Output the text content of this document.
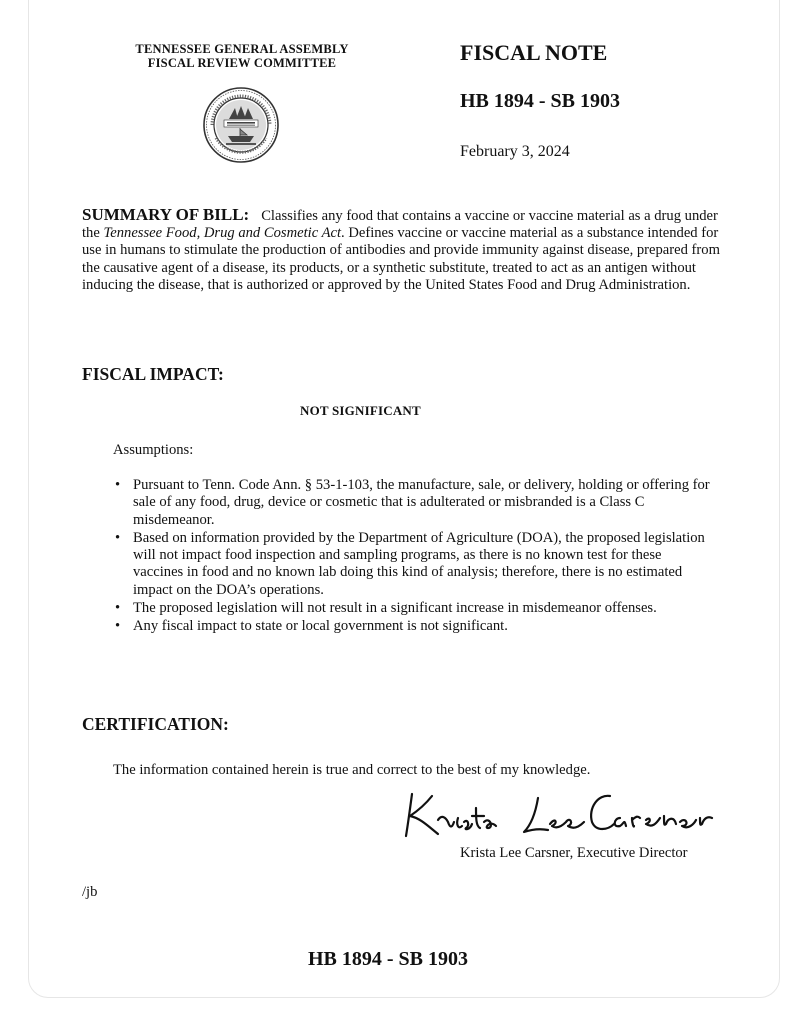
TENNESSEE GENERAL ASSEMBLY
FISCAL REVIEW COMMITTEE	FISCAL NOTE
HB 1894 - SB 1903
February 3, 2024
SUMMARY OF BILL: Classifies any food that contains a vaccine or vaccine material as a drug under the Tennessee Food, Drug and Cosmetic Act. Defines vaccine or vaccine material as a substance intended for use in humans to stimulate the production of antibodies and provide immunity against disease, prepared from the causative agent of a disease, its products, or a synthetic substitute, treated to act as an antigen without inducing the disease, that is authorized or approved by the United States Food and Drug Administration.
FISCAL IMPACT:
NOT SIGNIFICANT
Assumptions:
• Pursuant to Tenn. Code Ann. § 53-1-103, the manufacture, sale, or delivery, holding or offering for sale of any food, drug, device or cosmetic that is adulterated or misbranded is a Class C misdemeanor.
• Based on information provided by the Department of Agriculture (DOA), the proposed legislation will not impact food inspection and sampling programs, as there is no known test for these vaccines in food and no known lab doing this kind of analysis; therefore, there is no estimated impact on the DOA’s operations.
• The proposed legislation will not result in a significant increase in misdemeanor offenses.
• Any fiscal impact to state or local government is not significant.
CERTIFICATION:
The information contained herein is true and correct to the best of my knowledge.
Krista Lee Carsner, Executive Director
/jb
HB 1894 - SB 1903
